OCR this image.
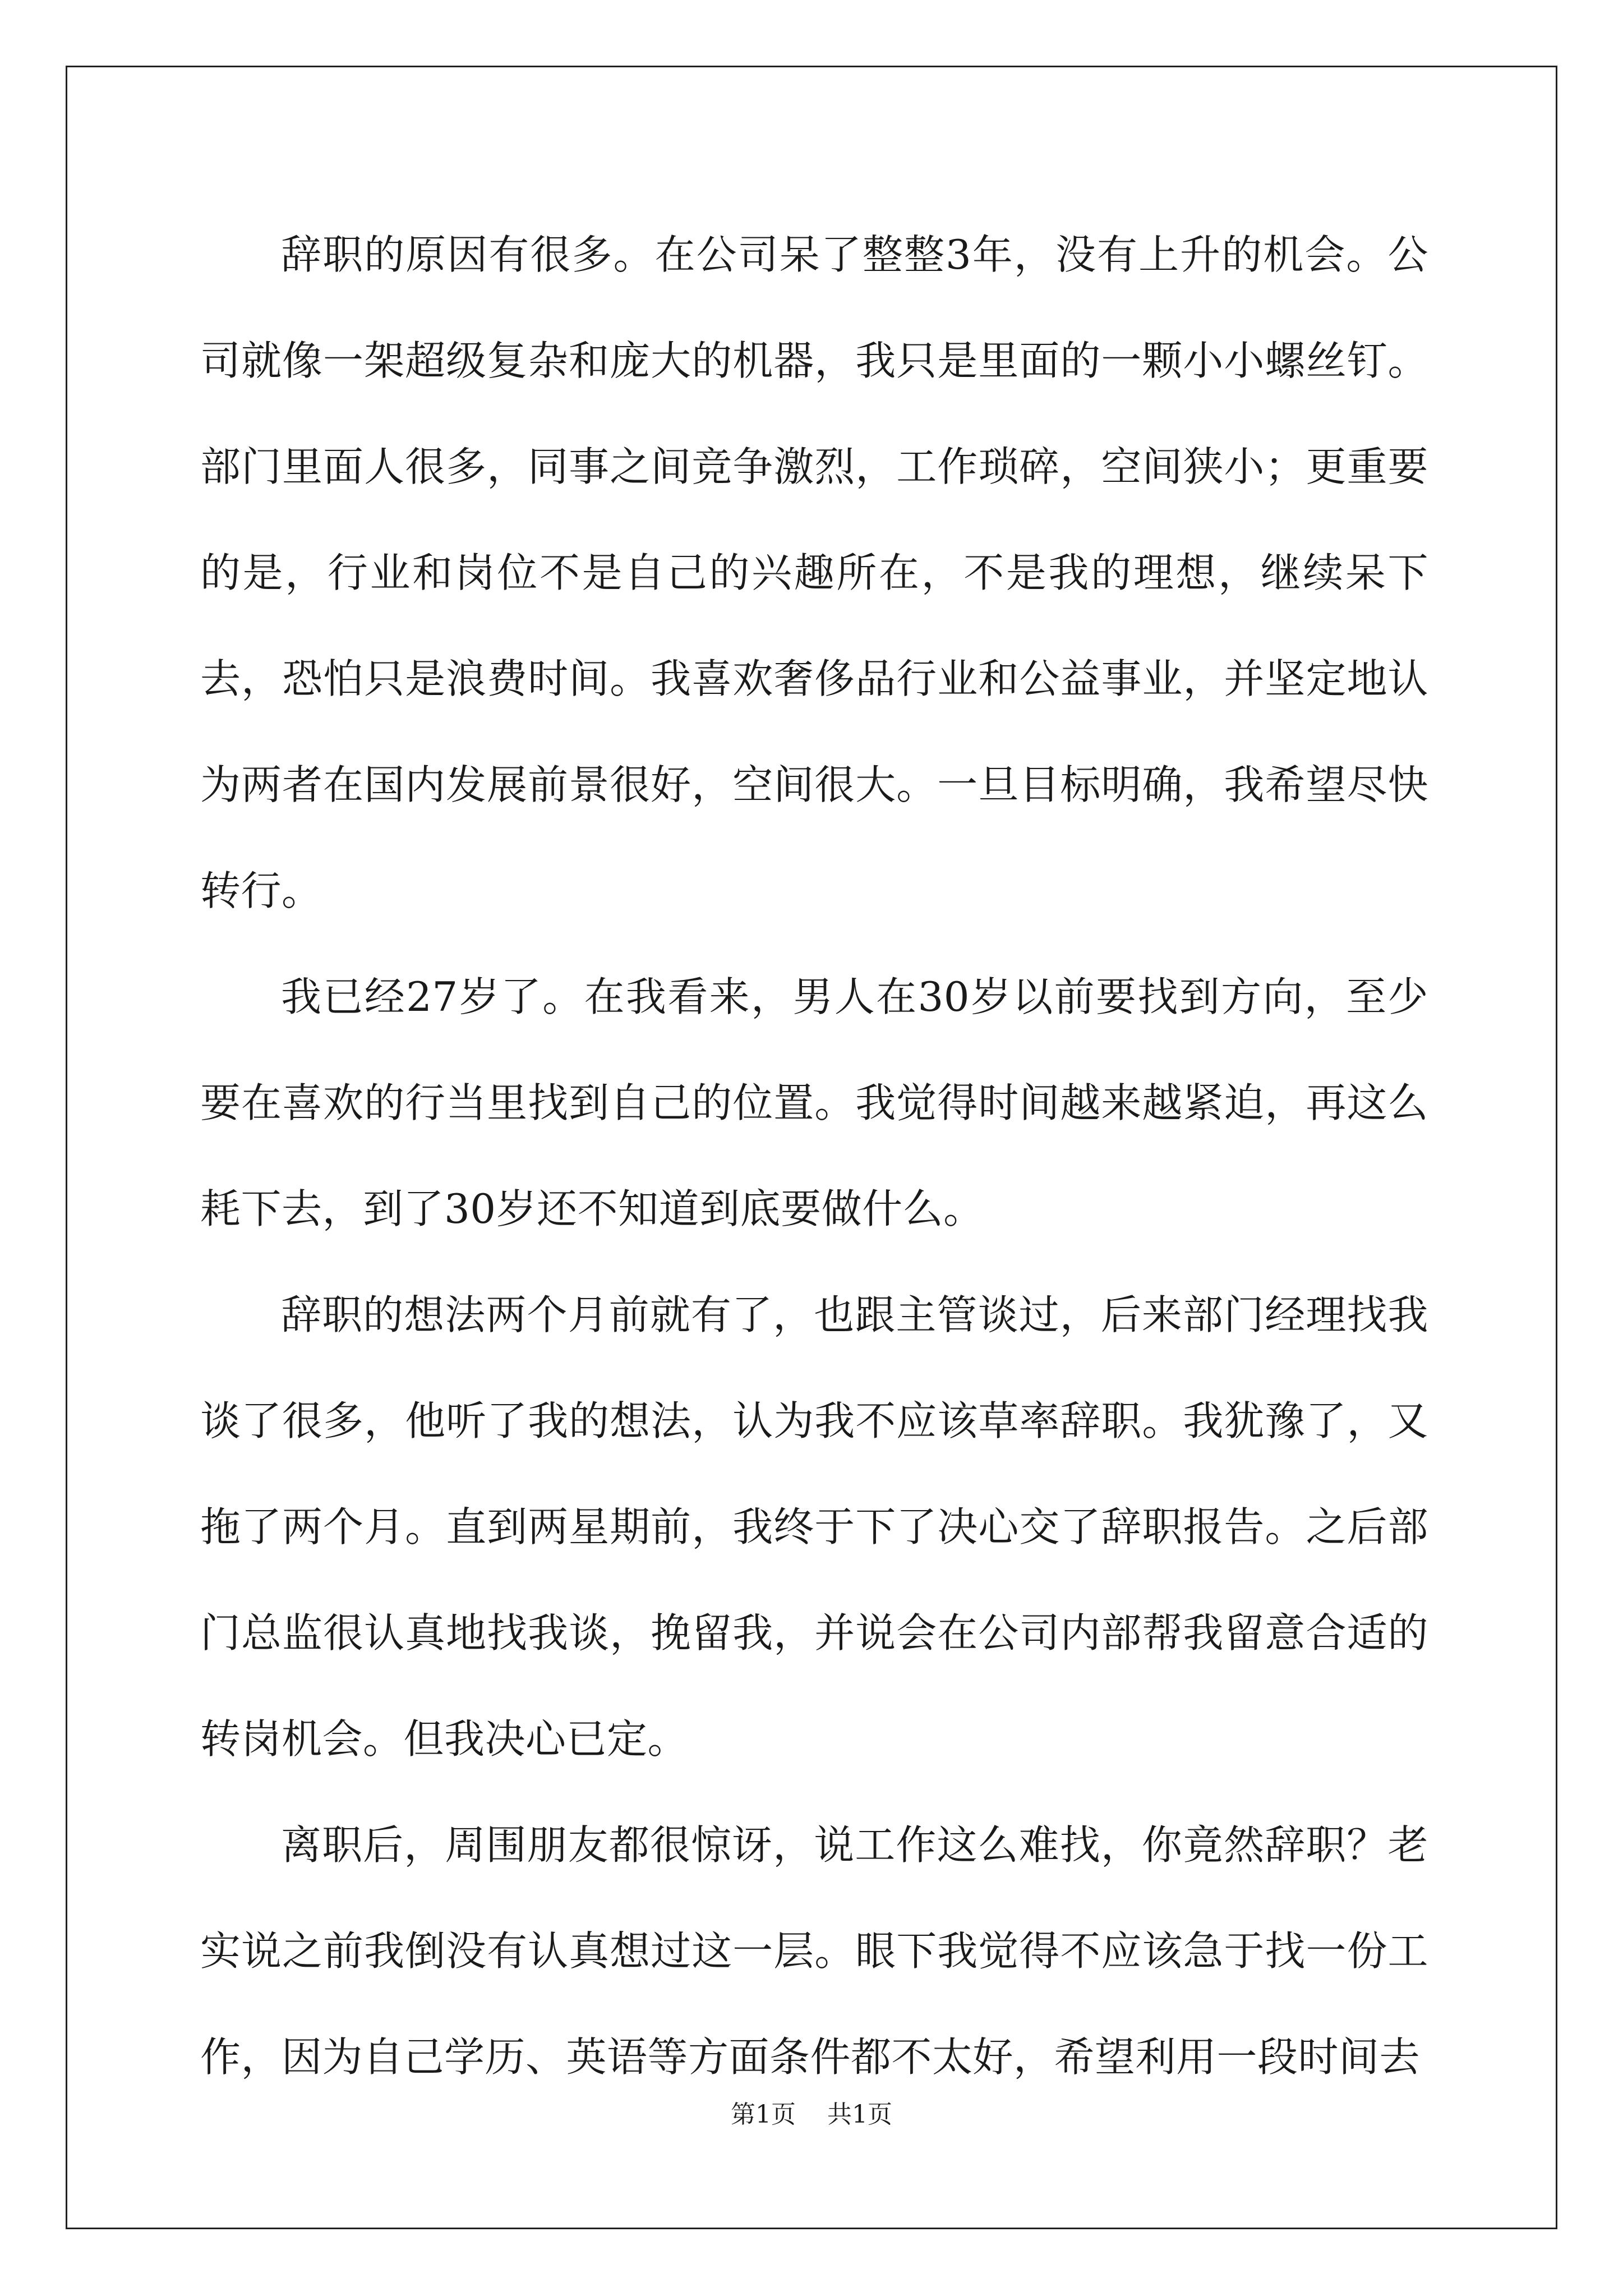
辞职的原因有很多。在公司呆了整整3年，没有上升的机会。公司就像一架超级复杂和庞大的机器，我只是里面的一颗小小螺丝钉。部门里面人很多，同事之间竞争激烈，工作琐碎，空间狭小；更重要的是，行业和岗位不是自己的兴趣所在，不是我的理想，继续呆下去，恐怕只是浪费时间。我喜欢奢侈品行业和公益事业，并坚定地认为两者在国内发展前景很好，空间很大。一旦目标明确，我希望尽快转行。

我已经27岁了。在我看来，男人在30岁以前要找到方向，至少要在喜欢的行当里找到自己的位置。我觉得时间越来越紧迫，再这么耗下去，到了30岁还不知道到底要做什么。

辞职的想法两个月前就有了，也跟主管谈过，后来部门经理找我谈了很多，他听了我的想法，认为我不应该草率辞职。我犹豫了，又拖了两个月。直到两星期前，我终于下了决心交了辞职报告。之后部门总监很认真地找我谈，挽留我，并说会在公司内部帮我留意合适的转岗机会。但我决心已定。

离职后，周围朋友都很惊讶，说工作这么难找，你竟然辞职？老实说之前我倒没有认真想过这一层。眼下我觉得不应该急于找一份工作，因为自己学历、英语等方面条件都不太好，希望利用一段时间去

第1页 共1页
